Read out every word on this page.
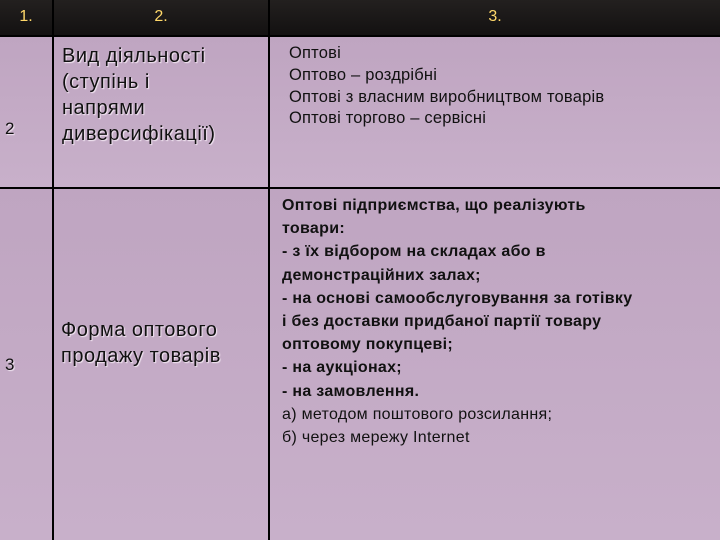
1.	2.	3.
2
Вид діяльності
(ступінь і
напрями
диверсифікації)
Оптові
Оптово – роздрібні
Оптові з власним виробництвом товарів
Оптові торгово – сервісні
3
Форма оптового
продажу товарів
Оптові підприємства, що реалізують
товари:
- з їх відбором на складах або в
демонстраційних залах;
- на основі самообслуговування за готівку
і без доставки придбаної партії товару
оптовому покупцеві;
- на аукціонах;
- на замовлення.
а) методом поштового розсилання;
б) через мережу Internet
